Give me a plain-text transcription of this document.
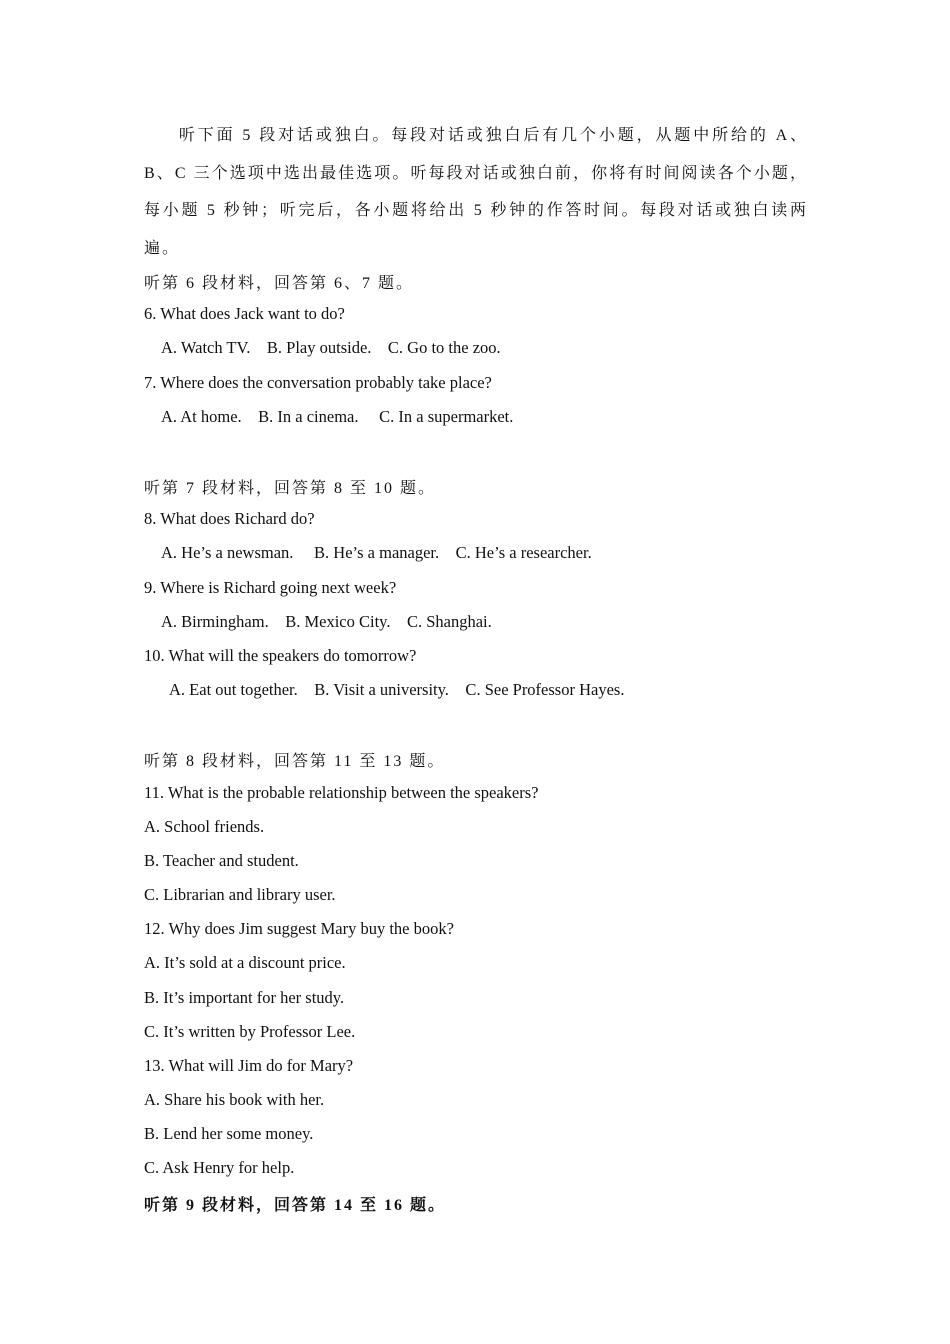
听下面 5 段对话或独白。每段对话或独白后有几个小题，从题中所给的 A、B、C 三个选项中选出最佳选项。听每段对话或独白前，你将有时间阅读各个小题，每小题 5 秒钟；听完后，各小题将给出 5 秒钟的作答时间。每段对话或独白读两遍。
听第 6 段材料，回答第 6、7 题。
6. What does Jack want to do?
A. Watch TV.    B. Play outside.    C. Go to the zoo.
7. Where does the conversation probably take place?
A. At home.    B. In a cinema.     C. In a supermarket.
听第 7 段材料，回答第 8 至 10 题。
8. What does Richard do?
A. He’s a newsman.     B. He’s a manager.    C. He’s a researcher.
9. Where is Richard going next week?
A. Birmingham.    B. Mexico City.    C. Shanghai.
10. What will the speakers do tomorrow?
A. Eat out together.    B. Visit a university.    C. See Professor Hayes.
听第 8 段材料，回答第 11 至 13 题。
11. What is the probable relationship between the speakers?
A. School friends.
B. Teacher and student.
C. Librarian and library user.
12. Why does Jim suggest Mary buy the book?
A. It’s sold at a discount price.
B. It’s important for her study.
C. It’s written by Professor Lee.
13. What will Jim do for Mary?
A. Share his book with her.
B. Lend her some money.
C. Ask Henry for help.
听第 9 段材料，回答第 14 至 16 题。
